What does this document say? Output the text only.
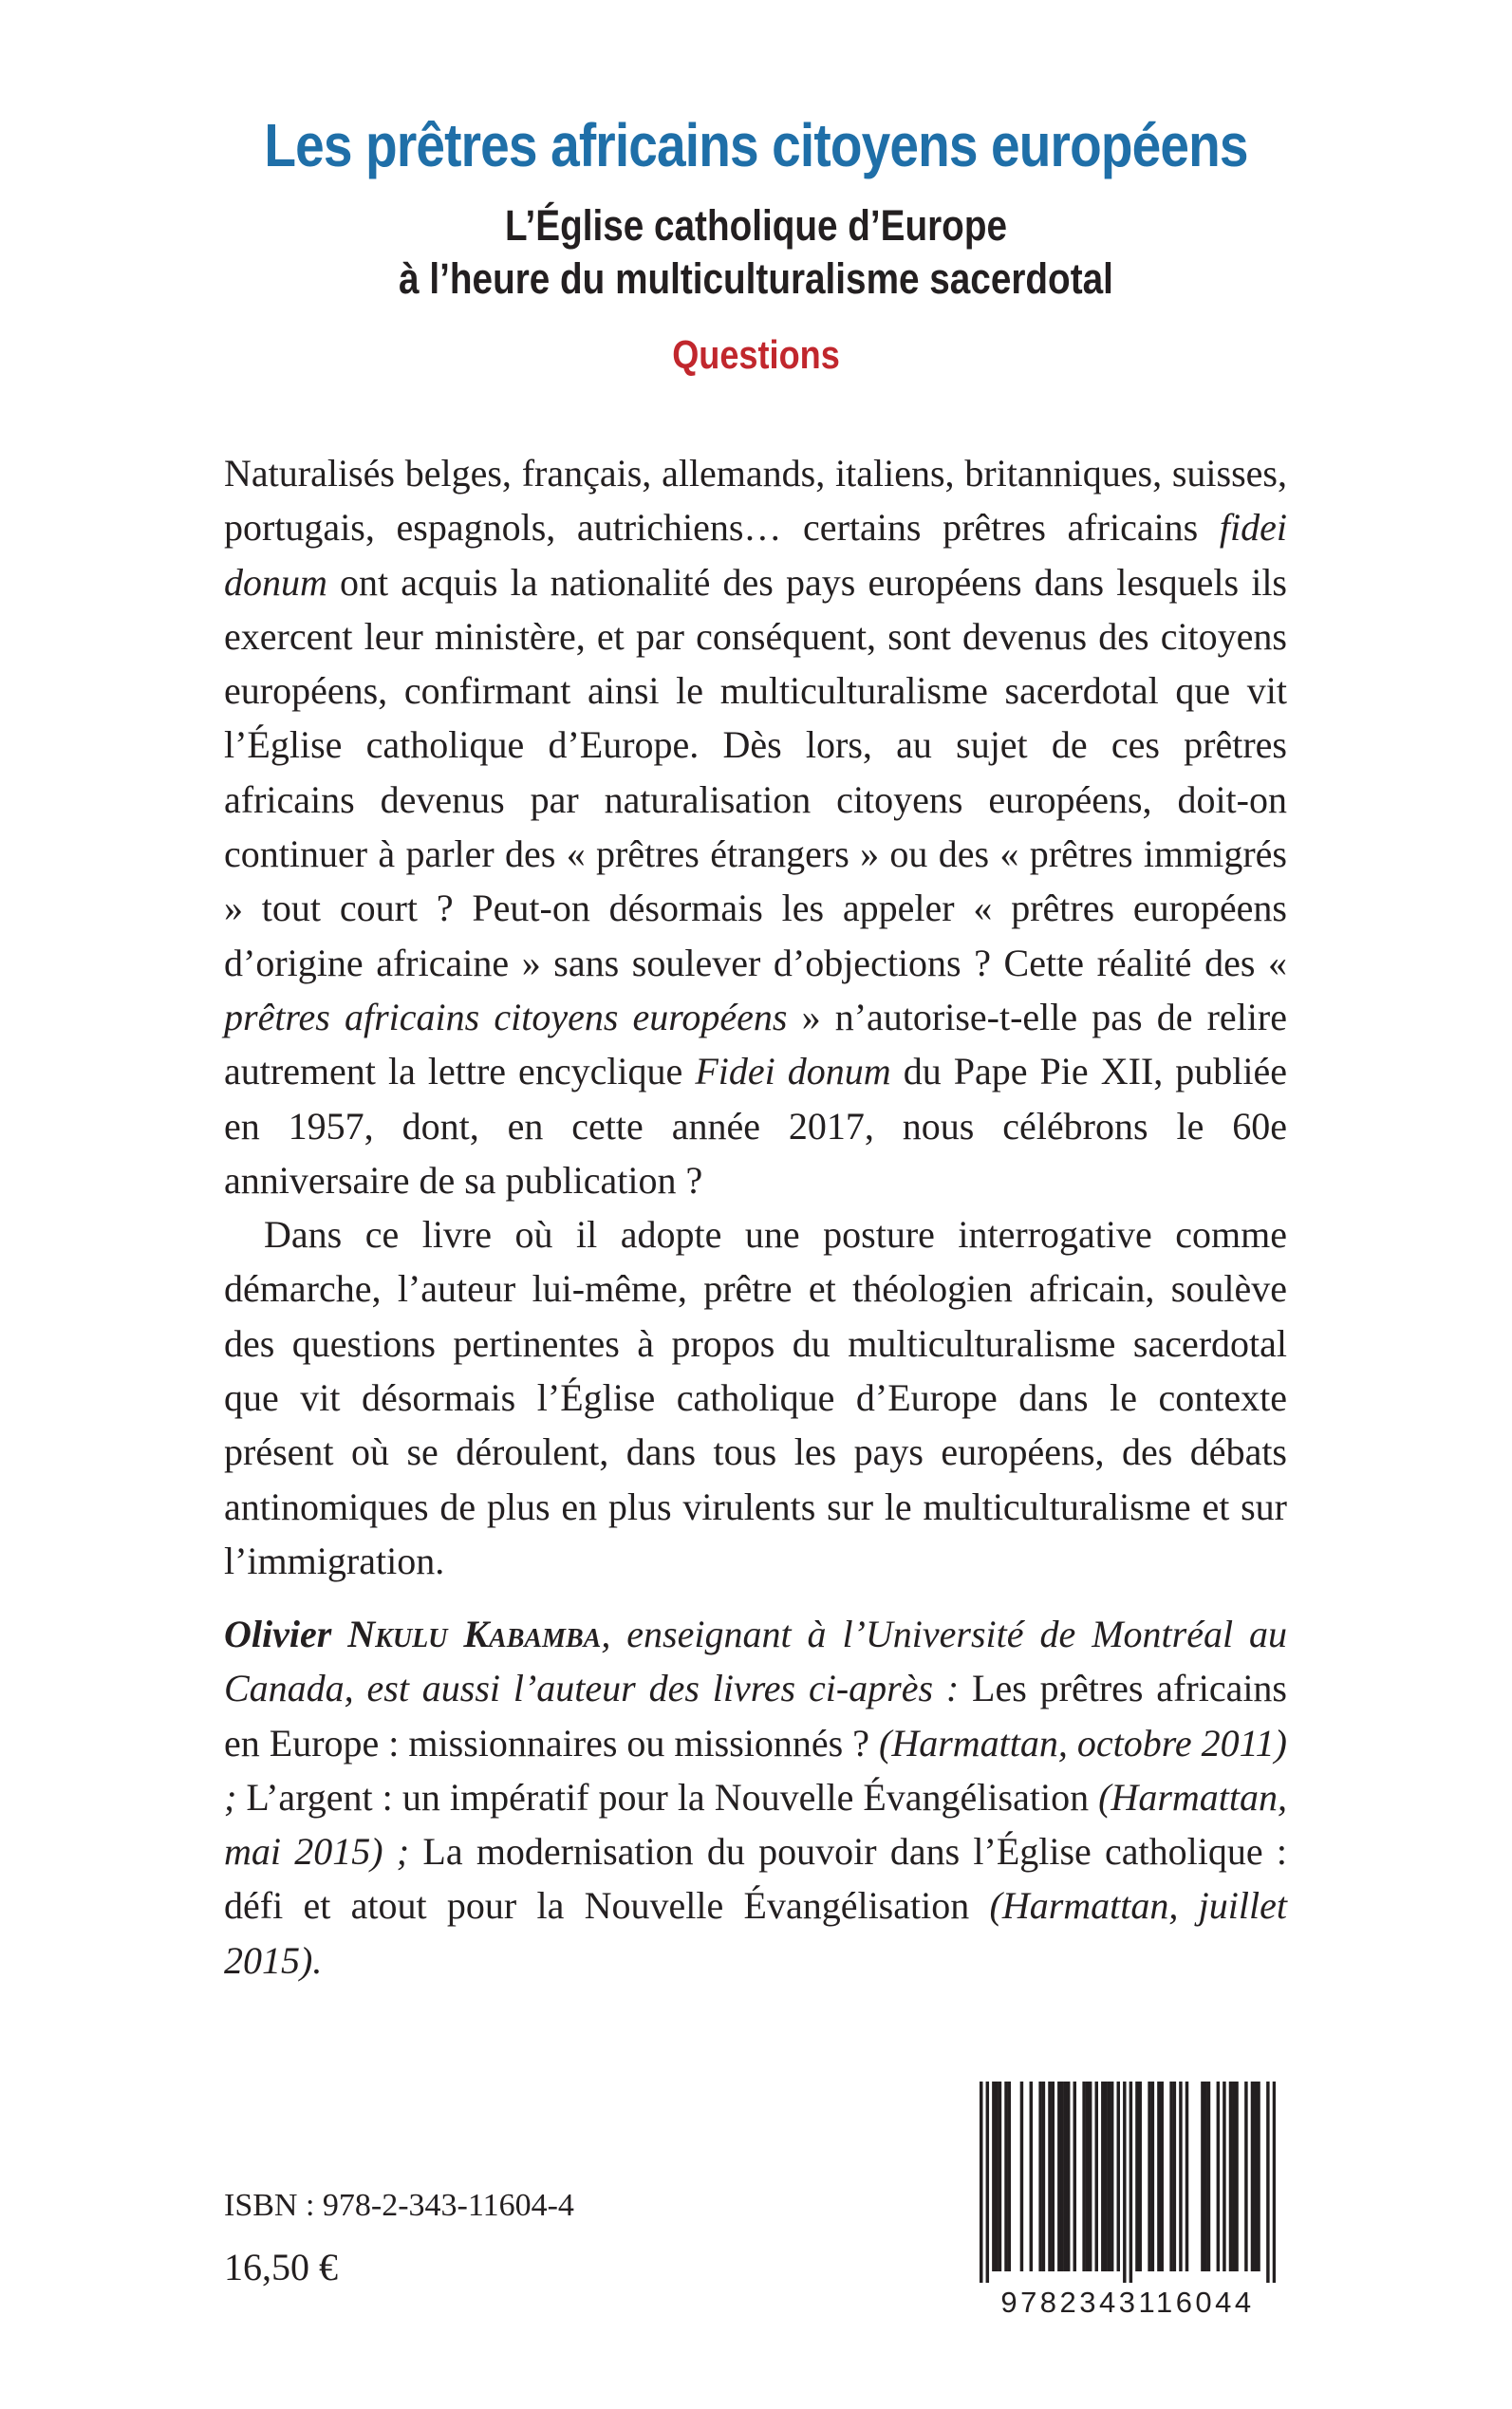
Les prêtres africains citoyens européens
L’Église catholique d’Europe
à l’heure du multiculturalisme sacerdotal
Questions

Naturalisés belges, français, allemands, italiens, britanniques, suisses, portugais, espagnols, autrichiens… certains prêtres africains fidei donum ont acquis la nationalité des pays européens dans lesquels ils exercent leur ministère, et par conséquent, sont devenus des citoyens européens, confirmant ainsi le multiculturalisme sacerdotal que vit l’Église catholique d’Europe. Dès lors, au sujet de ces prêtres africains devenus par naturalisation citoyens européens, doit-on continuer à parler des « prêtres étrangers » ou des « prêtres immigrés » tout court ? Peut-on désormais les appeler « prêtres européens d’origine africaine » sans soulever d’objections ? Cette réalité des « prêtres africains citoyens européens » n’autorise-t-elle pas de relire autrement la lettre encyclique Fidei donum du Pape Pie XII, publiée en 1957, dont, en cette année 2017, nous célébrons le 60e anniversaire de sa publication ?

Dans ce livre où il adopte une posture interrogative comme démarche, l’auteur lui-même, prêtre et théologien africain, soulève des questions pertinentes à propos du multiculturalisme sacerdotal que vit désormais l’Église catholique d’Europe dans le contexte présent où se déroulent, dans tous les pays européens, des débats antinomiques de plus en plus virulents sur le multiculturalisme et sur l’immigration.

Olivier Nkulu Kabamba, enseignant à l’Université de Montréal au Canada, est aussi l’auteur des livres ci-après : Les prêtres africains en Europe : missionnaires ou missionnés ? (Harmattan, octobre 2011) ; L’argent : un impératif pour la Nouvelle Évangélisation (Harmattan, mai 2015) ; La modernisation du pouvoir dans l’Église catholique : défi et atout pour la Nouvelle Évangélisation (Harmattan, juillet 2015).

ISBN : 978-2-343-11604-4

16,50 €

9782343116044
